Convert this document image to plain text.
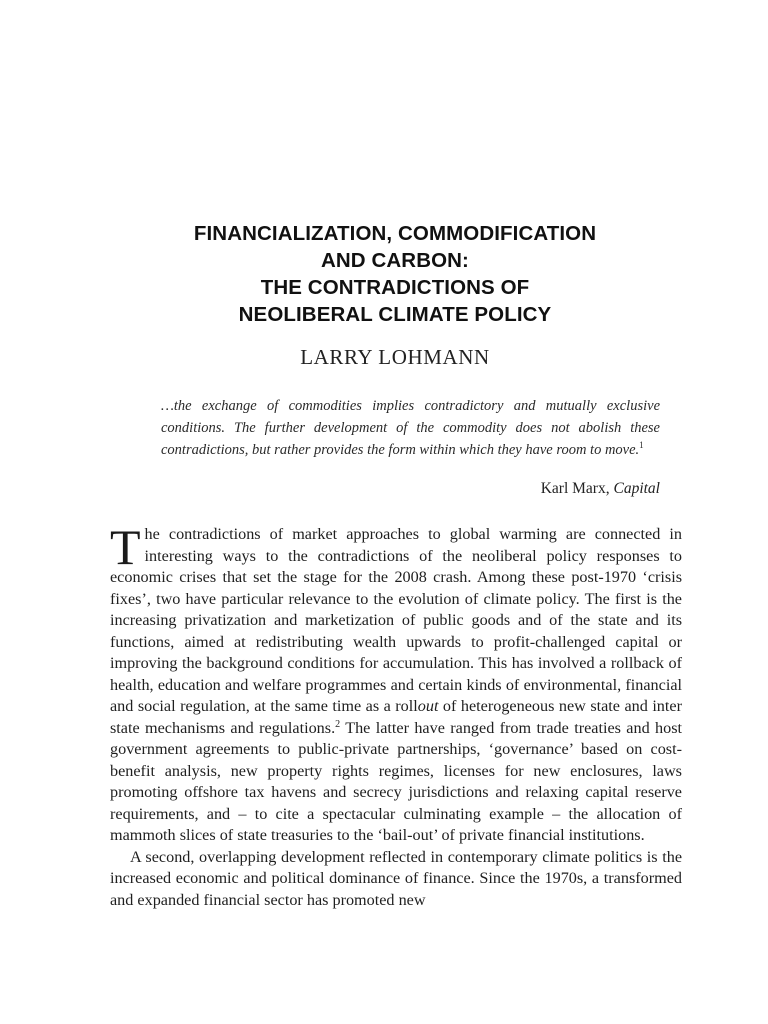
FINANCIALIZATION, COMMODIFICATION
AND CARBON:
THE CONTRADICTIONS OF
NEOLIBERAL CLIMATE POLICY
LARRY LOHMANN
…the exchange of commodities implies contradictory and mutually exclusive conditions. The further development of the commodity does not abolish these contradictions, but rather provides the form within which they have room to move.$^1$
Karl Marx, Capital

The contradictions of market approaches to global warming are connected in interesting ways to the contradictions of the neoliberal policy responses to economic crises that set the stage for the 2008 crash. Among these post-1970 ‘crisis fixes’, two have particular relevance to the evolution of climate policy. The first is the increasing privatization and marketization of public goods and of the state and its functions, aimed at redistributing wealth upwards to profit-challenged capital or improving the background conditions for accumulation. This has involved a rollback of health, education and welfare programmes and certain kinds of environmental, financial and social regulation, at the same time as a rollout of heterogeneous new state and inter state mechanisms and regulations.$^2$ The latter have ranged from trade treaties and host government agreements to public-private partnerships, ‘governance’ based on cost-benefit analysis, new property rights regimes, licenses for new enclosures, laws promoting offshore tax havens and secrecy jurisdictions and relaxing capital reserve requirements, and – to cite a spectacular culminating example – the allocation of mammoth slices of state treasuries to the ‘bail-out’ of private financial institutions.

A second, overlapping development reflected in contemporary climate politics is the increased economic and political dominance of finance. Since the 1970s, a transformed and expanded financial sector has promoted new
